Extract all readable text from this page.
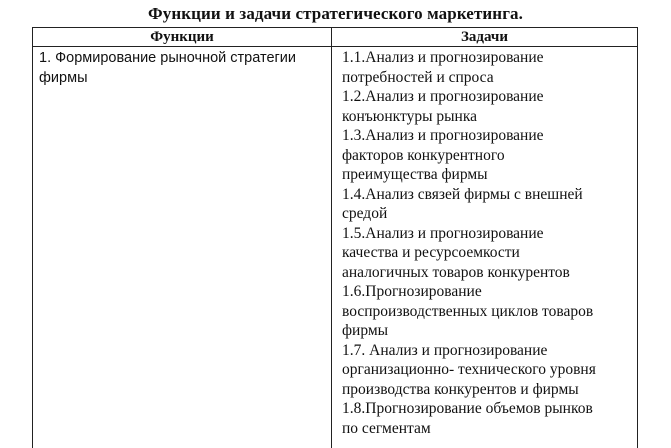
Функции и задачи стратегического маркетинга.
Функции	Задачи
1. Формирование рыночной стратегии
фирмы
1.1.Анализ и прогнозирование
потребностей и спроса
1.2.Анализ и прогнозирование
конъюнктуры рынка
1.3.Анализ и прогнозирование
факторов конкурентного
преимущества фирмы
1.4.Анализ связей фирмы с внешней
средой
1.5.Анализ и прогнозирование
качества и ресурсоемкости
аналогичных товаров конкурентов
1.6.Прогнозирование
воспроизводственных циклов товаров
фирмы
1.7. Анализ и прогнозирование
организационно- технического уровня
производства конкурентов и фирмы
1.8.Прогнозирование объемов рынков
по сегментам
